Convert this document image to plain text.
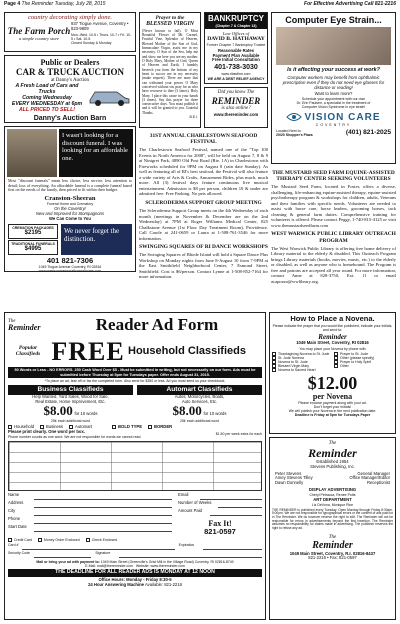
Page 4 The Reminder Tuesday, July 28, 2015	For Effective Advertising Call 821-2216
country decorating simply done.
The Farm Porch
a simple country store
937 Tiogue Avenue, Coventry • 823-9809
Mon.-Wed. 10-5 • Thurs. 10-7 • Fri. 10-5 • Sat. 10-5
Closed Sunday & Monday
Public or Dealers
CAR & TRUCK AUCTION
at Danny's Auction
A Fresh Load of Cars and Trucks
Coming Wednesday
EVERY WEDNESDAY at 6pm
ALL PRICED TO SELL!
Danny's Auction Barn
I wasn't looking for a discount funeral. I was looking for an affordable one.
Most "discount funerals" mean less choice, less service, less attention to detail; loss of everything. An affordable funeral is a complete funeral based first on the needs of the family, then priced to fit within their budget.
Cranston-Sheeran
Funeral Home and Crematory
On the Coventry/
New and Improved for Stompagnons
We Can Come to You
CREMATION PACKAGES
$2195
TRADITIONAL FUNERALS
$4995
We never forget the distinction.
401 821-7306
1045 Tiogue Avenue Coventry, RI 02816
www.garrisonmemorialfuneralhome.com
Prayer to the
BLESSED VIRGIN
(Never known to fail). O Most Beautiful Flower of Mt. Carmel, Fruitful Vine, Splendor of Heaven, Blessed Mother of the Son of God, Immaculate Virgin, assist me in my necessity. O Star of the Sea, help me and show me here you are my mother. O Holy Mary, Mother of God, Queen of Heaven and Earth, I humbly beseech you from the bottom of my heart to succor me in my necessity (make request). There are none that can withstand your power. O Mary conceived without sin, pray for us who have recourse to thee (3 times). Holy Mary, I place this cause in your hands (3 times). Say this prayer for three consecutive days. You must publish it and it will be granted to you. Grateful Thanks.
B.E.I.
BANKRUPTCY
(Chapter 7 & Chapter 13)
Law Offices of
DAVID B. HATHAWAY
Former Chapter 7 Bankruptcy Trustee
Reasonable Rates
Payment Plan Available
Free Initial Consultation
401-738-3030
www.rilawfirm.com
WE ARE A DEBT RELIEF AGENCY
Did you know The
REMINDER
is also online?
www.thereminder.com
Computer Eye Strain...
Is it affecting your success at work?
Computer workers may benefit from ophthalmic prescription even if they do not need eye glasses for distance or reading!
Want to learn more?
Schedule your appointment with our own
Dr. Erin Paulsen, a specialist in the treatment of
Computer Vision Syndrome in eye strain!
VISION CARE
COVENTRY
Located Next to:
20/20 Shopper's Plaza	(401) 821-2025
31ST ANNUAL CHARLESTOWN SEAFOOD FESTIVAL

The Charlestown Seafood Festival, named one of the "Top 100 Events in North America for 2008", will be held on August 7, 8 & 9 at Ninigret Park, 4890 Old Post Road (Rte. 1A) in Charlestown with Fireworks scheduled for 9PM on August 8 (rain date Sunday). As well as featuring all of RI's best seafood, the Festival will also feature a wide variety of Arts & Crafts, Amusement Rides, plus much, much more. All (3) festival days feature continuous live musical entertainment. Admission is $8 per person, children 10 & under are admitted free. Free Parking. No pets allowed.

SCLERODERMA SUPPORT GROUP MEETING

The Scleroderma Support Group meets on the 4th Wednesday of each month (meetings in November & December are on the 2nd Wednesday) at 7PM at Roger Williams Medical Center, 825 Chalkstone Avenue (1st Floor Day Treatment Room), Providence. Call Carole at 241-0659 or Laura at 1-508-761-3546 for more information.

SWINGING SQUARES OF RI DANCE WORKSHOPS

The Swinging Squares of Rhode Island will hold a Square Dance Plus Workshop on Monday nights from June 8-August 10 from 7-9PM at the East Smithfield Neighborhood Center, 7 Esmond Street, Smithfield. Cost is $6/person. Contact Lynne at 1-508-852-7164 for more information.

THE MUSTARD SEED FARM EQUINE-ASSISTED THERAPY CENTER SEEKING VOLUNTEERS

The Mustard Seed Farm, located in Foster, offers a diverse, challenging, life-enhancing equine-assisted therapy, equine-assisted psychotherapy program & workshops for children, adults, Veterans and their families with specific needs. Volunteers are needed to assist with horse care, horse leaders, grooming horses, tack cleaning & general farm duties. Comprehensive training for volunteers is offered. Please contact Peggy, 1-740-815-4125 or visit www.themustardseedfarm.com

WEST WARWICK PUBLIC LIBRARY OUTREACH PROGRAM

The West Warwick Public Library is offering free home delivery of Library material to the elderly & disabled. This Outreach Program brings Library materials (books, movies, music, etc.) to the elderly or disabled, as well as anyone who is homebound. The Program is free and patrons are accepted all year round. For more information, contact Anne at 828-3750, Ext. 11 or email acapozza@wwlibrary.org.

The
Reminder	Reader Ad Form
Popular Classifieds FREE Household Classifieds
50 Words or Less - NO ERRORS. 250 Cash Word Over $5 - Must be submitted in writing, but not necessarily on our form. Ads must be submitted before Thursday at 5pm for Tuesdays paper. Offer ends August 31, 2015.
*To place an ad, tear off or fax the completed form. Also send for $350 or less. Ad you must send us your checkbook.
Business Classifieds
Help Wanted, Yard Sales, Wood for Sale,
Real Estate, Home Improvement, Etc.
$8.00 for 10 words
25¢ each additional word
Automart Classifieds
Autos, Motorcycles, Boats,
Auto Services, Etc.
$8.00 for 10 words
25¢ each additional word
Household	Business	Automart	BOLD TYPE	BORDER
Please print clearly. One word per box.
Phone number counts as one word. We are not responsible for words we cannot read.
$1.50 per week extra for each
Name
Address
City
Phone
Start Date
Email
Number of Weeks
Amount Paid
Fax It!
821-0597
Credit Card	Money Order Enclosed	Check Enclosed
Card #	Expiration
Security Code	Signature
Mail or bring your ad with payment to: 1049 Main Street (Greenville's Grist Mill in the Village Road) Coventry, RI 02816-8749
E-Mail: mail@thereminder.com Website: www.thereminder.com
THE DEADLINE FOR ALL READER ADS IS MONDAY AT 12 NOON
Office Hours: Monday - Friday 8:30-5
24 Hour Answering Machine Available: 821-2216
How to Place a Novena.
Please indicate the prayer that you would like published, indicate your initials, and send to:
Reminder
1049 Main Street, Coventry, RI 02816
You may place your Novena by phone with
Thanksgiving Novena to St. Jude
St. Jude Novena
Novena to St. Jude
Blessed Virgin Mary
Novena to Sacred Heart
Prayer to St. Jude
Other (please specify)
Prayer to Holy Spirit
Other
$12.00
per Novena
Please enclose payment along with your ad.
Don't forget your initials!
We will publish your Novena in the next publication date.
Deadline is Friday at 5pm for Tuesdays Paper
The
Reminder
Established 1954
Stevens Publishing, Inc.
Peter Stevens	General Manager
Amey Stevens Tilley	Office Manager/Editor
Dawn Donnelly	Receptionist
DISPLAY ADVERTISING
Cheryl Petracca, Renee Potts
ART DEPARTMENT
Liz DeVona, Monique Rice
THE REMINDER is published every Tuesday. Open Monday through Friday 8:30am-5:00pm. We are not responsible for typographical errors or the content of ads paid for in The Reminder. We do however reserve the right to edit. The Reminder will not be responsible for errors in advertisements beyond the first insertion. The Reminder assumes no responsibility for claims made in advertising. The publisher reserves the right to refuse any ad.
The
Reminder
1049 Main Street, Coventry, R.I. 02816-8437
821-2216 • Fax: 821-0597
